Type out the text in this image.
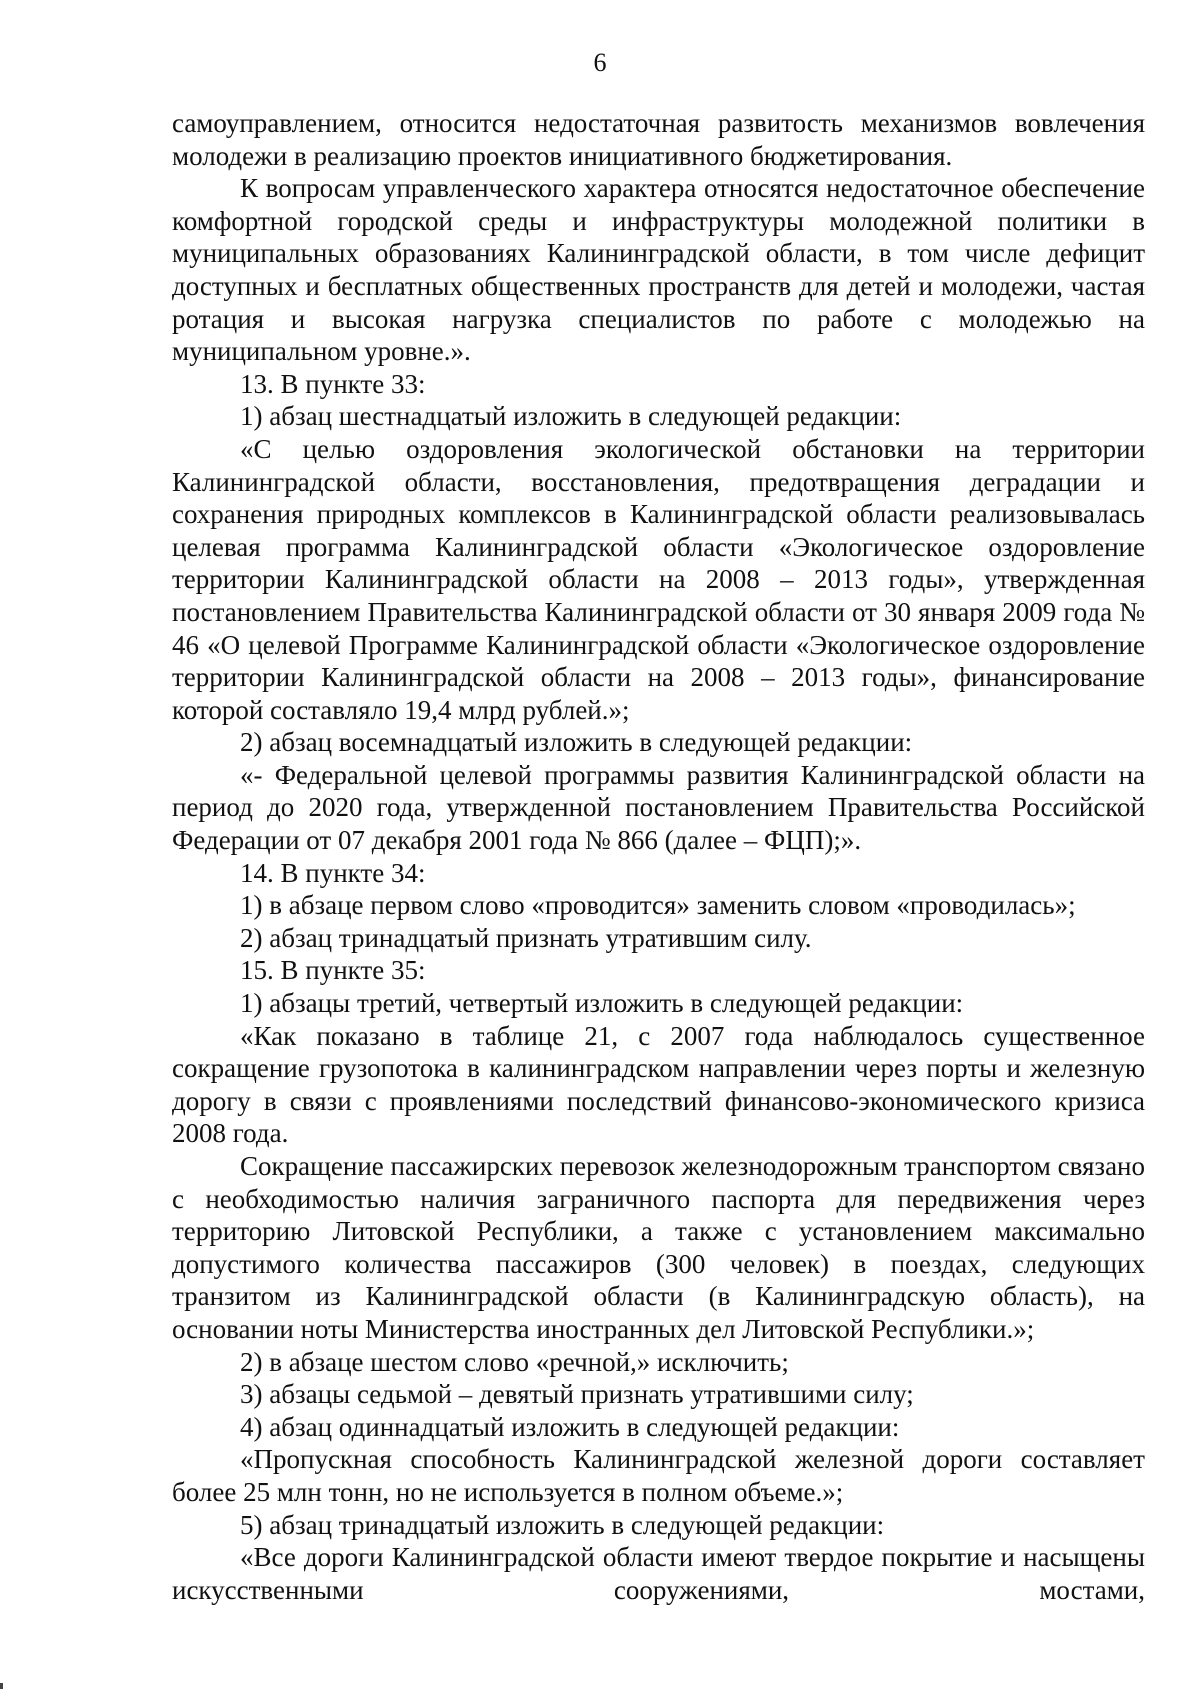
6

самоуправлением, относится недостаточная развитость механизмов вовлечения молодежи в реализацию проектов инициативного бюджетирования.

К вопросам управленческого характера относятся недостаточное обеспечение комфортной городской среды и инфраструктуры молодежной политики в муниципальных образованиях Калининградской области, в том числе дефицит доступных и бесплатных общественных пространств для детей и молодежи, частая ротация и высокая нагрузка специалистов по работе с молодежью на муниципальном уровне.».

13. В пункте 33:

1) абзац шестнадцатый изложить в следующей редакции:

«С целью оздоровления экологической обстановки на территории Калининградской области, восстановления, предотвращения деградации и сохранения природных комплексов в Калининградской области реализовывалась целевая программа Калининградской области «Экологическое оздоровление территории Калининградской области на 2008 – 2013 годы», утвержденная постановлением Правительства Калининградской области от 30 января 2009 года № 46 «О целевой Программе Калининградской области «Экологическое оздоровление территории Калининградской области на 2008 – 2013 годы», финансирование которой составляло 19,4 млрд рублей.»;

2) абзац восемнадцатый изложить в следующей редакции:

«- Федеральной целевой программы развития Калининградской области на период до 2020 года, утвержденной постановлением Правительства Российской Федерации от 07 декабря 2001 года № 866 (далее – ФЦП);».

14. В пункте 34:

1) в абзаце первом слово «проводится» заменить словом «проводилась»;

2) абзац тринадцатый признать утратившим силу.

15. В пункте 35:

1) абзацы третий, четвертый изложить в следующей редакции:

«Как показано в таблице 21, с 2007 года наблюдалось существенное сокращение грузопотока в калининградском направлении через порты и железную дорогу в связи с проявлениями последствий финансово-экономического кризиса 2008 года.

Сокращение пассажирских перевозок железнодорожным транспортом связано с необходимостью наличия заграничного паспорта для передвижения через территорию Литовской Республики, а также с установлением максимально допустимого количества пассажиров (300 человек) в поездах, следующих транзитом из Калининградской области (в Калининградскую область), на основании ноты Министерства иностранных дел Литовской Республики.»;

2) в абзаце шестом слово «речной,» исключить;

3) абзацы седьмой – девятый признать утратившими силу;

4) абзац одиннадцатый изложить в следующей редакции:

«Пропускная способность Калининградской железной дороги составляет более 25 млн тонн, но не используется в полном объеме.»;

5) абзац тринадцатый изложить в следующей редакции:

«Все дороги Калининградской области имеют твердое покрытие и насыщены искусственными сооружениями, мостами,
